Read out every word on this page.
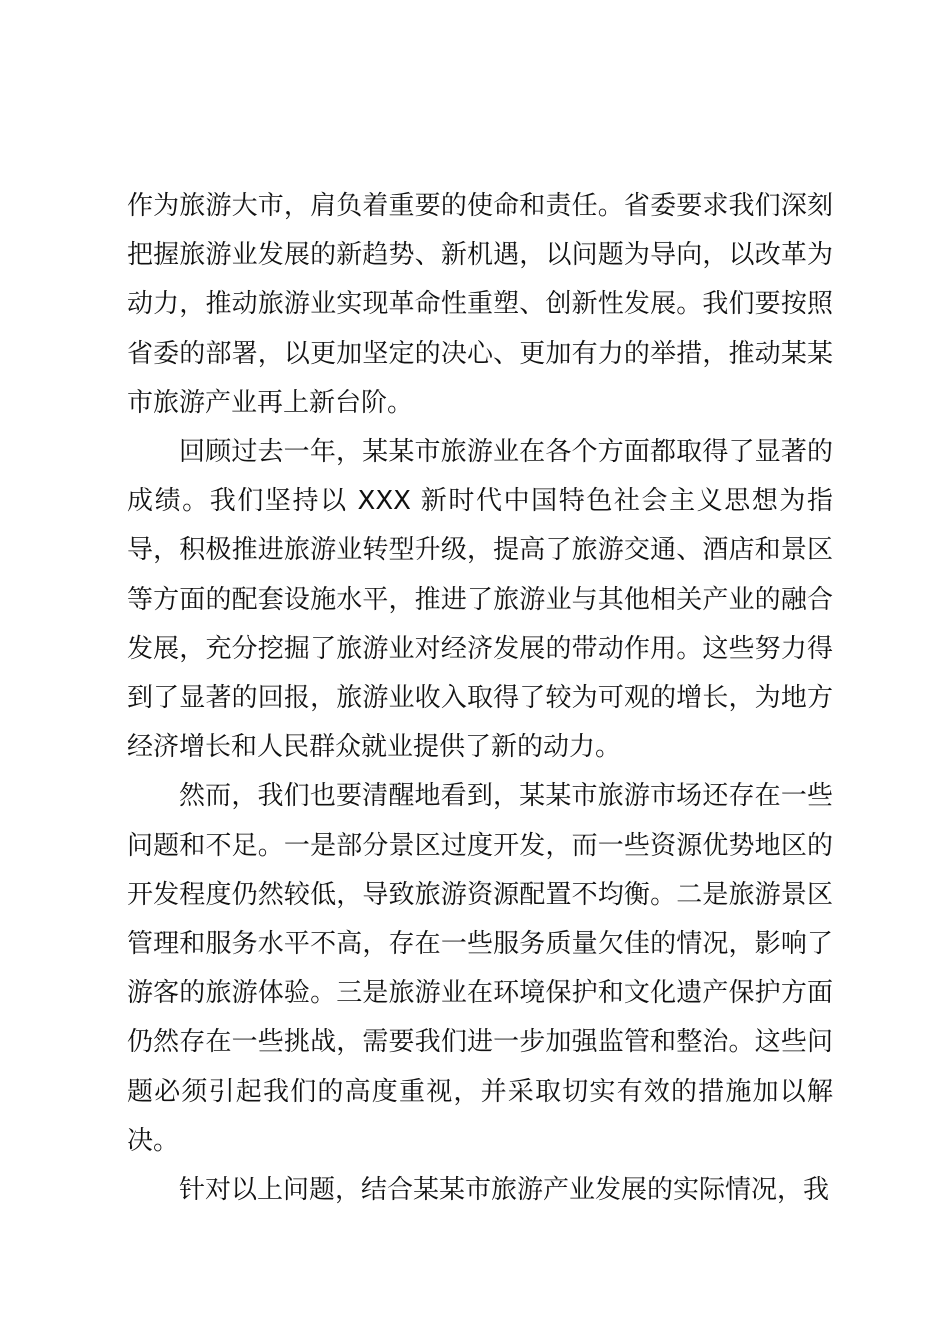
作为旅游大市，肩负着重要的使命和责任。省委要求我们深刻把握旅游业发展的新趋势、新机遇，以问题为导向，以改革为动力，推动旅游业实现革命性重塑、创新性发展。我们要按照省委的部署，以更加坚定的决心、更加有力的举措，推动某某市旅游产业再上新台阶。

回顾过去一年，某某市旅游业在各个方面都取得了显著的成绩。我们坚持以 XXX 新时代中国特色社会主义思想为指导，积极推进旅游业转型升级，提高了旅游交通、酒店和景区等方面的配套设施水平，推进了旅游业与其他相关产业的融合发展，充分挖掘了旅游业对经济发展的带动作用。这些努力得到了显著的回报，旅游业收入取得了较为可观的增长，为地方经济增长和人民群众就业提供了新的动力。

然而，我们也要清醒地看到，某某市旅游市场还存在一些问题和不足。一是部分景区过度开发，而一些资源优势地区的开发程度仍然较低，导致旅游资源配置不均衡。二是旅游景区管理和服务水平不高，存在一些服务质量欠佳的情况，影响了游客的旅游体验。三是旅游业在环境保护和文化遗产保护方面仍然存在一些挑战，需要我们进一步加强监管和整治。这些问题必须引起我们的高度重视，并采取切实有效的措施加以解决。

针对以上问题，结合某某市旅游产业发展的实际情况，我
